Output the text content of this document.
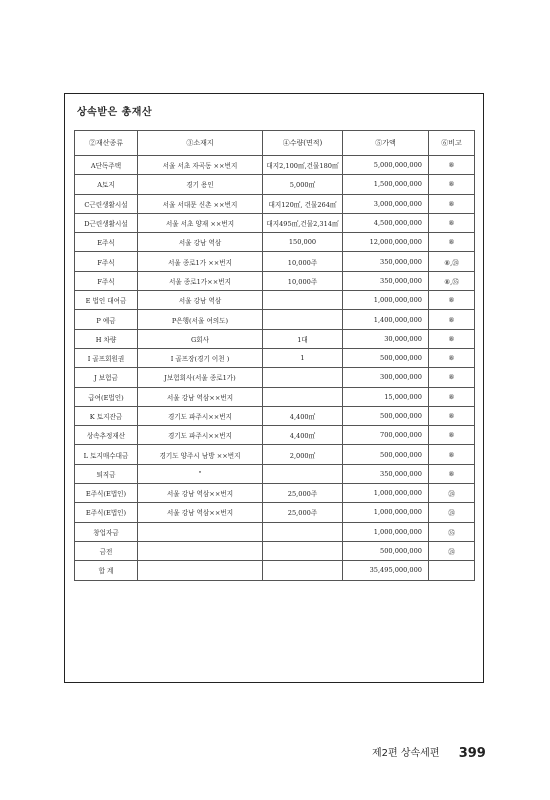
상속받은 총재산
②재산종류	③소재지	④수량(면적)	⑤가액	⑥비고
A단독주택	서울 서초 자곡동 ××번지	대지2,100㎡,건물180㎡	5,000,000,000	⑧
A토지	경기 용인	5,000㎡	1,500,000,000	⑧
C근린생활시설	서울 서대문 신촌 ××번지	대지120㎡, 건물264㎡	3,000,000,000	⑧
D근린생활시설	서울 서초 양재 ××번지	대지495㎡,건물2,314㎡	4,500,000,000	⑧
E주식	서울 강남 역삼	150,000	12,000,000,000	⑧
F주식	서울 종로1가 ××번지	10,000주	350,000,000	⑧,㉔
F주식	서울 종로1가××번지	10,000주	350,000,000	⑧,㉟
E 법인 대여금	서울 강남 역삼		1,000,000,000	⑧
P 예금	P은행(서울 여의도)		1,400,000,000	⑧
H 차량	G회사	1대	30,000,000	⑧
I 골프회원권	I 골프장(경기 이천 )	1	500,000,000	⑧
J 보험금	J보험회사(서울 종로1가)		300,000,000	⑧
급여(E법인)	서울 강남 역삼××번지		15,000,000	⑧
K 토지잔금	경기도 파주시××번지	4,400㎡	500,000,000	⑧
상속추정재산	경기도 파주시××번지	4,400㎡	700,000,000	⑧
L 토지매수대금	경기도 양주시 남방 ××번지	2,000㎡	500,000,000	⑧
퇴직금	"		350,000,000	⑧
E주식(E법인)	서울 강남 역삼××번지	25,000주	1,000,000,000	㉔
E주식(E법인)	서울 강남 역삼××번지	25,000주	1,000,000,000	㉔
창업자금			1,000,000,000	㉟
금전			500,000,000	㉔
합 계			35,495,000,000	
제2편 상속세편 399
